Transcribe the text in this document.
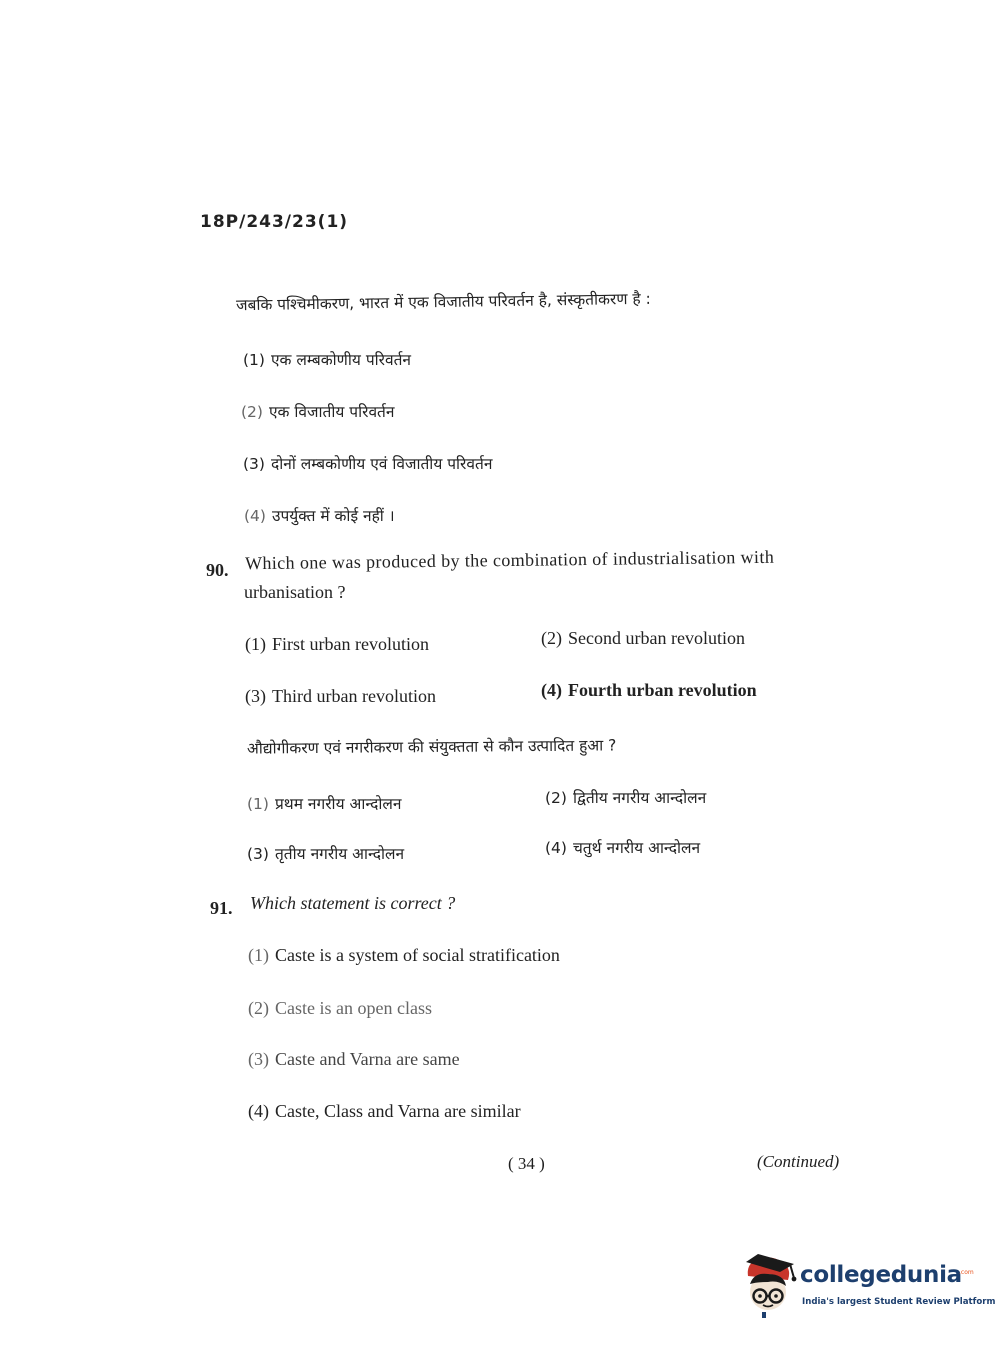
18P/243/23(1)
जबकि पश्चिमीकरण, भारत में एक विजातीय परिवर्तन है, संस्कृतीकरण है :
(1) एक लम्बकोणीय परिवर्तन
(2) एक विजातीय परिवर्तन
(3) दोनों लम्बकोणीय एवं विजातीय परिवर्तन
(4) उपर्युक्त में कोई नहीं ।
90. Which one was produced by the combination of industrialisation with
urbanisation ?
(1) First urban revolution	(2) Second urban revolution
(3) Third urban revolution	(4) Fourth urban revolution
औद्योगीकरण एवं नगरीकरण की संयुक्तता से कौन उत्पादित हुआ ?
(1) प्रथम नगरीय आन्दोलन	(2) द्वितीय नगरीय आन्दोलन
(3) तृतीय नगरीय आन्दोलन	(4) चतुर्थ नगरीय आन्दोलन
91. Which statement is correct ?
(1) Caste is a system of social stratification
(2) Caste is an open class
(3) Caste and Varna are same
(4) Caste, Class and Varna are similar
( 34 )	(Continued)
collegedunia
.com
India's largest Student Review Platform
